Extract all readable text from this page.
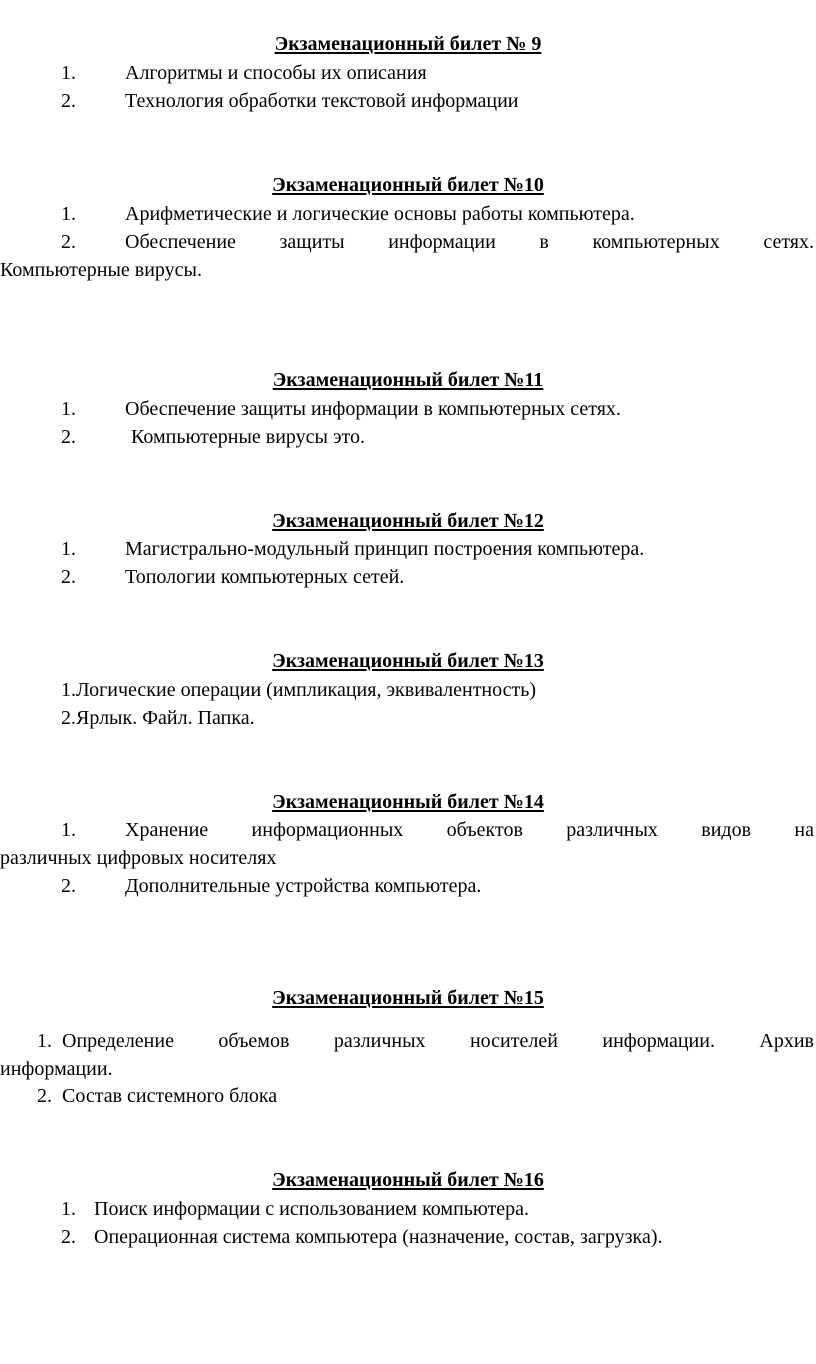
Экзаменационный билет № 9
1. Алгоритмы и способы их описания
2. Технология обработки текстовой информации
Экзаменационный билет №10
1. Арифметические и логические основы работы компьютера.
2. Обеспечение защиты информации в компьютерных сетях.
Компьютерные вирусы.
Экзаменационный билет №11
1. Обеспечение защиты информации в компьютерных сетях.
2.	Компьютерные вирусы это.
Экзаменационный билет №12
1. Магистрально-модульный принцип построения компьютера.
2. Топологии компьютерных сетей.
Экзаменационный билет №13
1.Логические операции (импликация, эквивалентность)
2.Ярлык. Файл. Папка.
Экзаменационный билет №14
1. Хранение информационных объектов различных видов на
различных цифровых носителях
2. Дополнительные устройства компьютера.
Экзаменационный билет №15
1. Определение объемов различных носителей информации. Архив
информации.
2. Состав системного блока
Экзаменационный билет №16
1. Поиск информации с использованием компьютера.
2. Операционная система компьютера (назначение, состав, загрузка).
